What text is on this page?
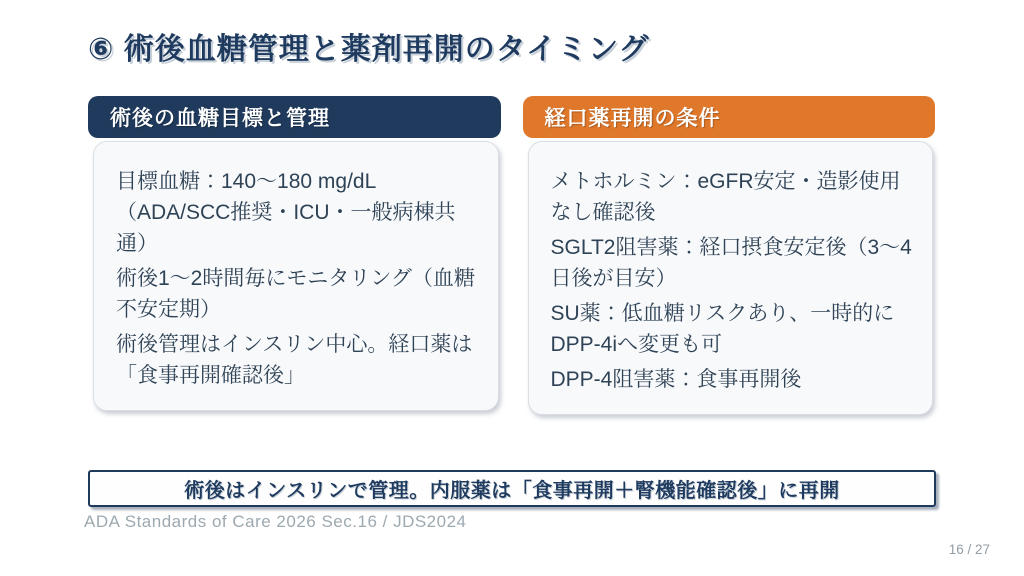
⑥ 術後血糖管理と薬剤再開のタイミング
術後の血糖目標と管理

目標血糖：140～180 mg/dL（ADA/SCC推奨・ICU・一般病棟共通）

術後1～2時間毎にモニタリング（血糖不安定期）

術後管理はインスリン中心。経口薬は「食事再開確認後」

経口薬再開の条件

メトホルミン：eGFR安定・造影使用なし確認後

SGLT2阻害薬：経口摂食安定後（3～4日後が目安）

SU薬：低血糖リスクあり、一時的にDPP-4iへ変更も可

DPP-4阻害薬：食事再開後

術後はインスリンで管理。内服薬は「食事再開＋腎機能確認後」に再開
ADA Standards of Care 2026 Sec.16 / JDS2024
16 / 27
